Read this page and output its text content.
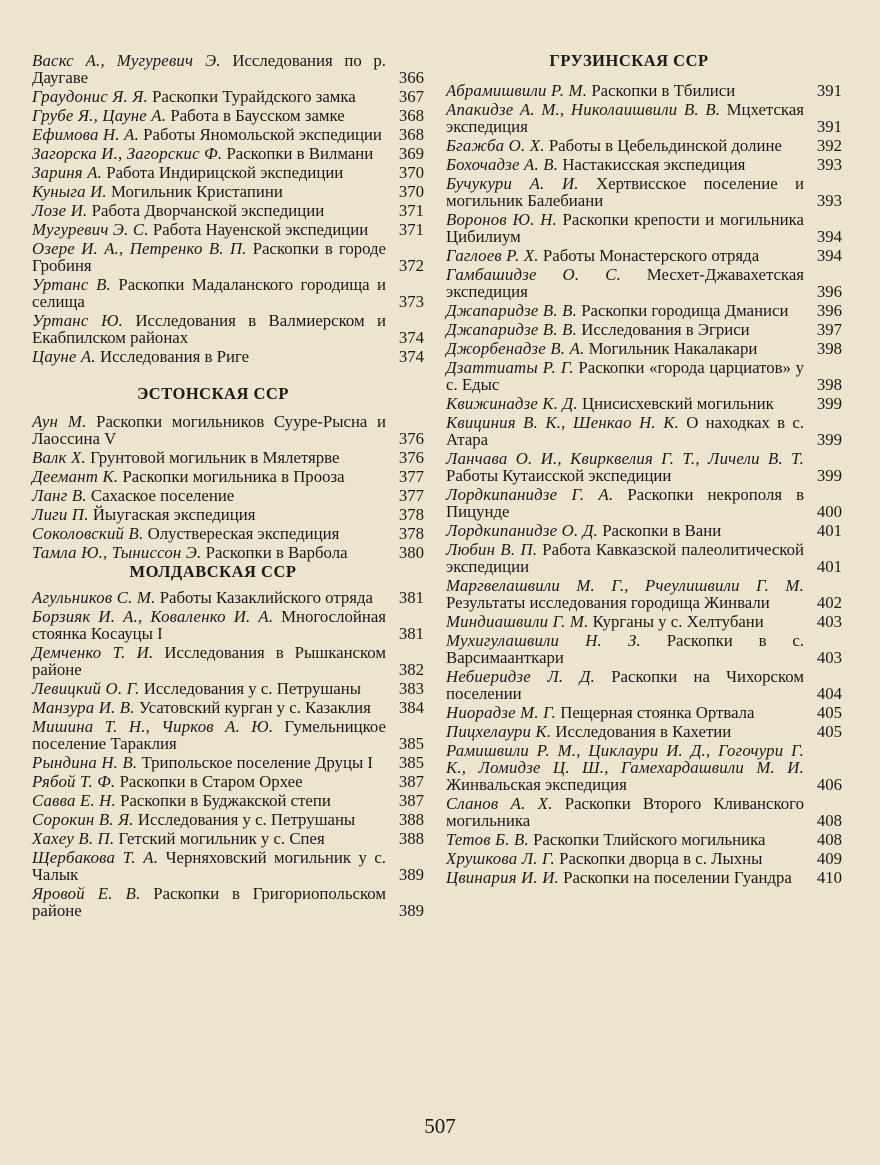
Васкс А., Мугуревич Э. Исследования по р. Даугаве	366
Граудонис Я. Я. Раскопки Турайдского замка	367
Грубе Я., Цауне А. Работа в Баусском замке	368
Ефимова Н. А. Работы Яномольской экспедиции	368
Загорска И., Загорскис Ф. Раскопки в Вилмани	369
Зариня А. Работа Индирицской экспедиции	370
Куныга И. Могильник Кристапини	370
Лозе И. Работа Дворчанской экспедиции	371
Мугуревич Э. С. Работа Науенской экспедиции	371
Озере И. А., Петренко В. П. Раскопки в городе Гробиня	372
Уртанс В. Раскопки Мадаланского городища и селища	373
Уртанс Ю. Исследования в Валмиерском и Екабпилском районах	374
Цауне А. Исследования в Риге	374
ЭСТОНСКАЯ ССР
Аун М. Раскопки могильников Сууре-Рысна и Лаоссина V	376
Валк Х. Грунтовой могильник в Мялетярве	376
Деемант К. Раскопки могильника в Прооза	377
Ланг В. Сахаское поселение	377
Лиги П. Йыугаская экспедиция	378
Соколовский В. Олуствереская экспедиция	378
Тамла Ю., Тыниссон Э. Раскопки в Варбола	380
МОЛДАВСКАЯ ССР
Агульников С. М. Работы Казаклийского отряда	381
Борзияк И. А., Коваленко И. А. Многослойная стоянка Косауцы I	381
Демченко Т. И. Исследования в Рышканском районе	382
Левицкий О. Г. Исследования у с. Петрушаны	383
Манзура И. В. Усатовский курган у с. Казаклия	384
Мишина Т. Н., Чирков А. Ю. Гумельницкое поселение Тараклия	385
Рындина Н. В. Трипольское поселение Друцы I	385
Рябой Т. Ф. Раскопки в Старом Орхее	387
Савва Е. Н. Раскопки в Буджакской степи	387
Сорокин В. Я. Исследования у с. Петрушаны	388
Хахеу В. П. Гетский могильник у с. Спея	388
Щербакова Т. А. Черняховский могильник у с. Чалык	389
Яровой Е. В. Раскопки в Григориопольском районе	389
ГРУЗИНСКАЯ ССР
Абрамишвили Р. М. Раскопки в Тбилиси	391
Апакидзе А. М., Николаишвили В. В. Мцхетская экспедиция	391
Бгажба О. Х. Работы в Цебельдинской долине	392
Бохочадзе А. В. Настакисская экспедиция	393
Бучукури А. И. Хертвисское поселение и могильник Балебиани	393
Воронов Ю. Н. Раскопки крепости и могильника Цибилиум	394
Гаглоев Р. Х. Работы Монастерского отряда	394
Гамбашидзе О. С. Месхет-Джавахетская экспедиция	396
Джапаридзе В. В. Раскопки городища Дманиси	396
Джапаридзе В. В. Исследования в Эгриси	397
Джорбенадзе В. А. Могильник Накалакари	398
Дзаттиаты Р. Г. Раскопки «города царциатов» у с. Едыс	398
Квижинадзе К. Д. Цнисисхевский могильник	399
Квициния В. К., Шенкао Н. К. О находках в с. Атара	399
Ланчава О. И., Квирквелия Г. Т., Личели В. Т. Работы Кутаисской экспедиции	399
Лордкипанидзе Г. А. Раскопки некрополя в Пицунде	400
Лордкипанидзе О. Д. Раскопки в Вани	401
Любин В. П. Работа Кавказской палеолитической экспедиции	401
Маргвелашвили М. Г., Рчеулишвили Г. М. Результаты исследования городища Жинвали	402
Миндиашвили Г. М. Курганы у с. Хелтубани	403
Мухигулашвили Н. З. Раскопки в с. Варсимаанткари	403
Небиеридзе Л. Д. Раскопки на Чихорском поселении	404
Ниорадзе М. Г. Пещерная стоянка Ортвала	405
Пицхелаури К. Исследования в Кахетии	405
Рамишвили Р. М., Циклаури И. Д., Гогочури Г. К., Ломидзе Ц. Ш., Гамехардашвили М. И. Жинвальская экспедиция	406
Сланов А. Х. Раскопки Второго Кливанского могильника	408
Тетов Б. В. Раскопки Тлийского могильника	408
Хрушкова Л. Г. Раскопки дворца в с. Лыхны	409
Цвинария И. И. Раскопки на поселении Гуандра	410
507
